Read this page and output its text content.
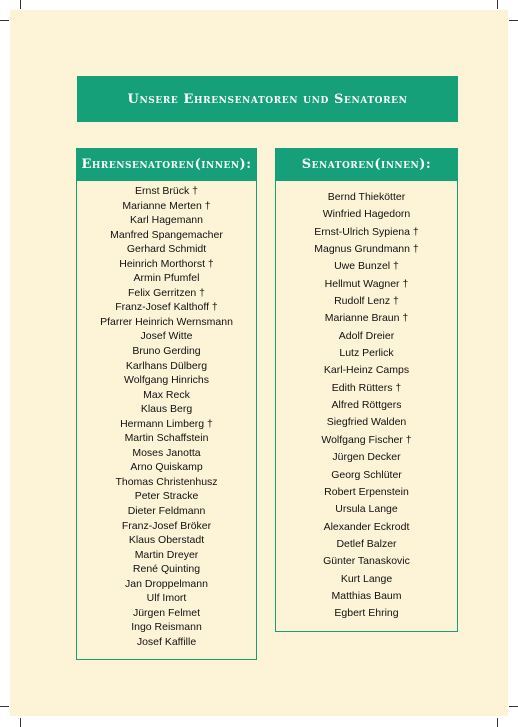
Unsere Ehrensenatoren und Senatoren
Ehrensenatoren(innen):	Senatoren(innen):
Ernst Brück †
Marianne Merten †
Karl Hagemann
Manfred Spangemacher
Gerhard Schmidt
Heinrich Morthorst †
Armin Pfumfel
Felix Gerritzen †
Franz-Josef Kalthoff †
Pfarrer Heinrich Wernsmann
Josef Witte
Bruno Gerding
Karlhans Dülberg
Wolfgang Hinrichs
Max Reck
Klaus Berg
Hermann Limberg †
Martin Schaffstein
Moses Janotta
Arno Quiskamp
Thomas Christenhusz
Peter Stracke
Dieter Feldmann
Franz-Josef Bröker
Klaus Oberstadt
Martin Dreyer
René Quinting
Jan Droppelmann
Ulf Imort
Jürgen Felmet
Ingo Reismann
Josef Kaffille
Bernd Thiekötter
Winfried Hagedorn
Ernst-Ulrich Sypiena †
Magnus Grundmann †
Uwe Bunzel †
Hellmut Wagner †
Rudolf Lenz †
Marianne Braun †
Adolf Dreier
Lutz Perlick
Karl-Heinz Camps
Edith Rütters †
Alfred Röttgers
Siegfried Walden
Wolfgang Fischer †
Jürgen Decker
Georg Schlüter
Robert Erpenstein
Ursula Lange
Alexander Eckrodt
Detlef Balzer
Günter Tanaskovic
Kurt Lange
Matthias Baum
Egbert Ehring
